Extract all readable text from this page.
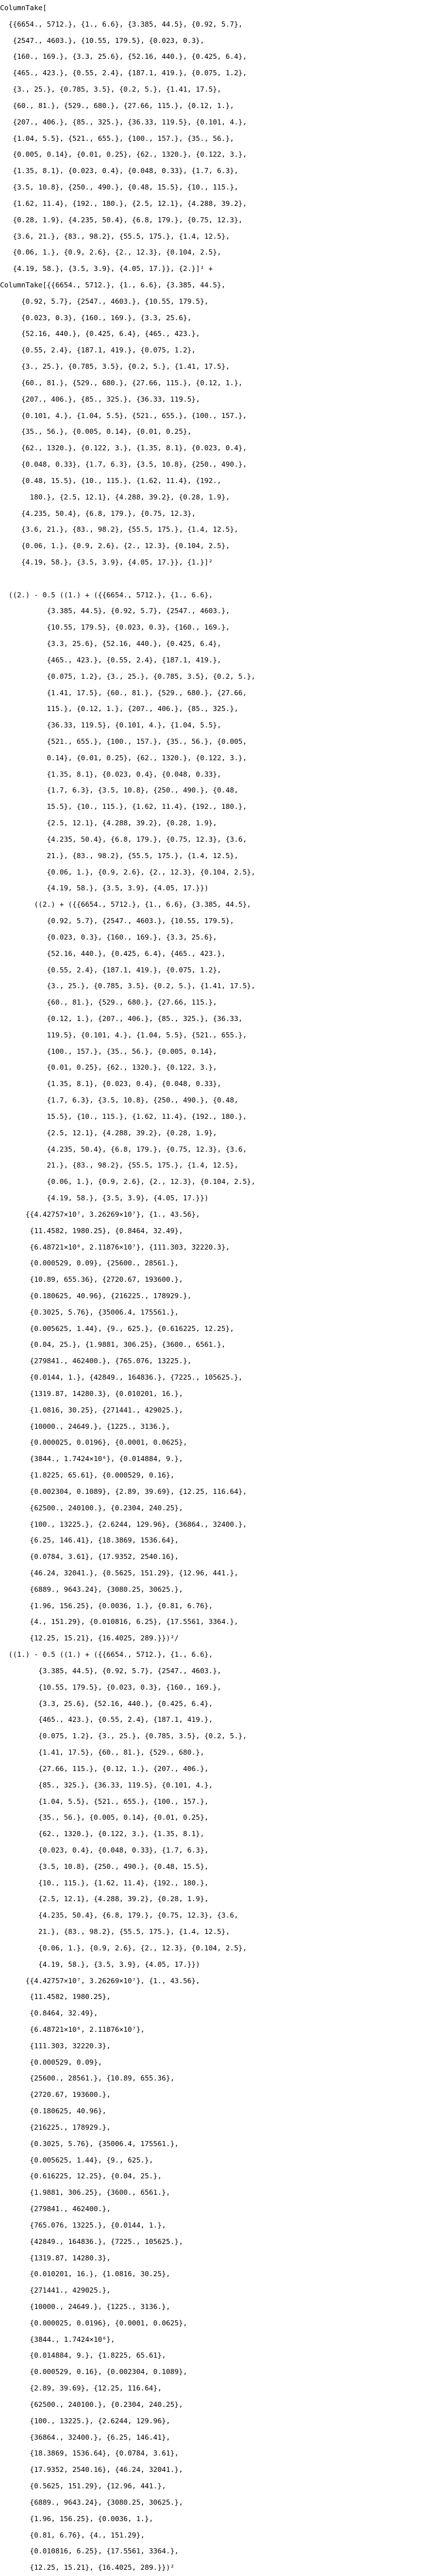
ColumnTake[
{{6654., 5712.}, {1., 6.6}, {3.385, 44.5}, {0.92, 5.7},
{2547., 4603.}, {10.55, 179.5}, {0.023, 0.3},
{160., 169.}, {3.3, 25.6}, {52.16, 440.}, {0.425, 6.4},
{465., 423.}, {0.55, 2.4}, {187.1, 419.}, {0.075, 1.2},
{3., 25.}, {0.785, 3.5}, {0.2, 5.}, {1.41, 17.5},
{60., 81.}, {529., 680.}, {27.66, 115.}, {0.12, 1.},
{207., 406.}, {85., 325.}, {36.33, 119.5}, {0.101, 4.},
{1.04, 5.5}, {521., 655.}, {100., 157.}, {35., 56.},
{0.005, 0.14}, {0.01, 0.25}, {62., 1320.}, {0.122, 3.},
{1.35, 8.1}, {0.023, 0.4}, {0.048, 0.33}, {1.7, 6.3},
{3.5, 10.8}, {250., 490.}, {0.48, 15.5}, {10., 115.},
{1.62, 11.4}, {192., 180.}, {2.5, 12.1}, {4.288, 39.2},
{0.28, 1.9}, {4.235, 50.4}, {6.8, 179.}, {0.75, 12.3},
{3.6, 21.}, {83., 98.2}, {55.5, 175.}, {1.4, 12.5},
{0.06, 1.}, {0.9, 2.6}, {2., 12.3}, {0.104, 2.5},
{4.19, 58.}, {3.5, 3.9}, {4.05, 17.}}, {2.}]² +
ColumnTake[{{6654., 5712.}, {1., 6.6}, {3.385, 44.5},
{0.92, 5.7}, {2547., 4603.}, {10.55, 179.5},
{0.023, 0.3}, {160., 169.}, {3.3, 25.6},
{52.16, 440.}, {0.425, 6.4}, {465., 423.},
{0.55, 2.4}, {187.1, 419.}, {0.075, 1.2},
{3., 25.}, {0.785, 3.5}, {0.2, 5.}, {1.41, 17.5},
{60., 81.}, {529., 680.}, {27.66, 115.}, {0.12, 1.},
{207., 406.}, {85., 325.}, {36.33, 119.5},
{0.101, 4.}, {1.04, 5.5}, {521., 655.}, {100., 157.},
{35., 56.}, {0.005, 0.14}, {0.01, 0.25},
{62., 1320.}, {0.122, 3.}, {1.35, 8.1}, {0.023, 0.4},
{0.048, 0.33}, {1.7, 6.3}, {3.5, 10.8}, {250., 490.},
{0.48, 15.5}, {10., 115.}, {1.62, 11.4}, {192.,
180.}, {2.5, 12.1}, {4.288, 39.2}, {0.28, 1.9},
{4.235, 50.4}, {6.8, 179.}, {0.75, 12.3},
{3.6, 21.}, {83., 98.2}, {55.5, 175.}, {1.4, 12.5},
{0.06, 1.}, {0.9, 2.6}, {2., 12.3}, {0.104, 2.5},
{4.19, 58.}, {3.5, 3.9}, {4.05, 17.}}, {1.}]²
((2.) - 0.5 ((1.) + ({{6654., 5712.}, {1., 6.6},
{3.385, 44.5}, {0.92, 5.7}, {2547., 4603.},
{10.55, 179.5}, {0.023, 0.3}, {160., 169.},
{3.3, 25.6}, {52.16, 440.}, {0.425, 6.4},
{465., 423.}, {0.55, 2.4}, {187.1, 419.},
{0.075, 1.2}, {3., 25.}, {0.785, 3.5}, {0.2, 5.},
{1.41, 17.5}, {60., 81.}, {529., 680.}, {27.66,
115.}, {0.12, 1.}, {207., 406.}, {85., 325.},
{36.33, 119.5}, {0.101, 4.}, {1.04, 5.5},
{521., 655.}, {100., 157.}, {35., 56.}, {0.005,
0.14}, {0.01, 0.25}, {62., 1320.}, {0.122, 3.},
{1.35, 8.1}, {0.023, 0.4}, {0.048, 0.33},
{1.7, 6.3}, {3.5, 10.8}, {250., 490.}, {0.48,
15.5}, {10., 115.}, {1.62, 11.4}, {192., 180.},
{2.5, 12.1}, {4.288, 39.2}, {0.28, 1.9},
{4.235, 50.4}, {6.8, 179.}, {0.75, 12.3}, {3.6,
21.}, {83., 98.2}, {55.5, 175.}, {1.4, 12.5},
{0.06, 1.}, {0.9, 2.6}, {2., 12.3}, {0.104, 2.5},
{4.19, 58.}, {3.5, 3.9}, {4.05, 17.}})
((2.) + ({{6654., 5712.}, {1., 6.6}, {3.385, 44.5},
{0.92, 5.7}, {2547., 4603.}, {10.55, 179.5},
{0.023, 0.3}, {160., 169.}, {3.3, 25.6},
{52.16, 440.}, {0.425, 6.4}, {465., 423.},
{0.55, 2.4}, {187.1, 419.}, {0.075, 1.2},
{3., 25.}, {0.785, 3.5}, {0.2, 5.}, {1.41, 17.5},
{60., 81.}, {529., 680.}, {27.66, 115.},
{0.12, 1.}, {207., 406.}, {85., 325.}, {36.33,
119.5}, {0.101, 4.}, {1.04, 5.5}, {521., 655.},
{100., 157.}, {35., 56.}, {0.005, 0.14},
{0.01, 0.25}, {62., 1320.}, {0.122, 3.},
{1.35, 8.1}, {0.023, 0.4}, {0.048, 0.33},
{1.7, 6.3}, {3.5, 10.8}, {250., 490.}, {0.48,
15.5}, {10., 115.}, {1.62, 11.4}, {192., 180.},
{2.5, 12.1}, {4.288, 39.2}, {0.28, 1.9},
{4.235, 50.4}, {6.8, 179.}, {0.75, 12.3}, {3.6,
21.}, {83., 98.2}, {55.5, 175.}, {1.4, 12.5},
{0.06, 1.}, {0.9, 2.6}, {2., 12.3}, {0.104, 2.5},
{4.19, 58.}, {3.5, 3.9}, {4.05, 17.}})
{{4.42757×10⁷, 3.26269×10⁷}, {1., 43.56},
{11.4582, 1980.25}, {0.8464, 32.49},
{6.48721×10⁶, 2.11876×10⁷}, {111.303, 32220.3},
{0.000529, 0.09}, {25600., 28561.},
{10.89, 655.36}, {2720.67, 193600.},
{0.180625, 40.96}, {216225., 178929.},
{0.3025, 5.76}, {35006.4, 175561.},
{0.005625, 1.44}, {9., 625.}, {0.616225, 12.25},
{0.04, 25.}, {1.9881, 306.25}, {3600., 6561.},
{279841., 462400.}, {765.076, 13225.},
{0.0144, 1.}, {42849., 164836.}, {7225., 105625.},
{1319.87, 14280.3}, {0.010201, 16.},
{1.0816, 30.25}, {271441., 429025.},
{10000., 24649.}, {1225., 3136.},
{0.000025, 0.0196}, {0.0001, 0.0625},
{3844., 1.7424×10⁶}, {0.014884, 9.},
{1.8225, 65.61}, {0.000529, 0.16},
{0.002304, 0.1089}, {2.89, 39.69}, {12.25, 116.64},
{62500., 240100.}, {0.2304, 240.25},
{100., 13225.}, {2.6244, 129.96}, {36864., 32400.},
{6.25, 146.41}, {18.3869, 1536.64},
{0.0784, 3.61}, {17.9352, 2540.16},
{46.24, 32041.}, {0.5625, 151.29}, {12.96, 441.},
{6889., 9643.24}, {3080.25, 30625.},
{1.96, 156.25}, {0.0036, 1.}, {0.81, 6.76},
{4., 151.29}, {0.010816, 6.25}, {17.5561, 3364.},
{12.25, 15.21}, {16.4025, 289.}})²/
((1.) - 0.5 ((1.) + ({{6654., 5712.}, {1., 6.6},
{3.385, 44.5}, {0.92, 5.7}, {2547., 4603.},
{10.55, 179.5}, {0.023, 0.3}, {160., 169.},
{3.3, 25.6}, {52.16, 440.}, {0.425, 6.4},
{465., 423.}, {0.55, 2.4}, {187.1, 419.},
{0.075, 1.2}, {3., 25.}, {0.785, 3.5}, {0.2, 5.},
{1.41, 17.5}, {60., 81.}, {529., 680.},
{27.66, 115.}, {0.12, 1.}, {207., 406.},
{85., 325.}, {36.33, 119.5}, {0.101, 4.},
{1.04, 5.5}, {521., 655.}, {100., 157.},
{35., 56.}, {0.005, 0.14}, {0.01, 0.25},
{62., 1320.}, {0.122, 3.}, {1.35, 8.1},
{0.023, 0.4}, {0.048, 0.33}, {1.7, 6.3},
{3.5, 10.8}, {250., 490.}, {0.48, 15.5},
{10., 115.}, {1.62, 11.4}, {192., 180.},
{2.5, 12.1}, {4.288, 39.2}, {0.28, 1.9},
{4.235, 50.4}, {6.8, 179.}, {0.75, 12.3}, {3.6,
21.}, {83., 98.2}, {55.5, 175.}, {1.4, 12.5},
{0.06, 1.}, {0.9, 2.6}, {2., 12.3}, {0.104, 2.5},
{4.19, 58.}, {3.5, 3.9}, {4.05, 17.}})
{{4.42757×10⁷, 3.26269×10⁷}, {1., 43.56},
{11.4582, 1980.25},
{0.8464, 32.49},
{6.48721×10⁶, 2.11876×10⁷},
{111.303, 32220.3},
{0.000529, 0.09},
{25600., 28561.}, {10.89, 655.36},
{2720.67, 193600.},
{0.180625, 40.96},
{216225., 178929.},
{0.3025, 5.76}, {35006.4, 175561.},
{0.005625, 1.44}, {9., 625.},
{0.616225, 12.25}, {0.04, 25.},
{1.9881, 306.25}, {3600., 6561.},
{279841., 462400.},
{765.076, 13225.}, {0.0144, 1.},
{42849., 164836.}, {7225., 105625.},
{1319.87, 14280.3},
{0.010201, 16.}, {1.0816, 30.25},
{271441., 429025.},
{10000., 24649.}, {1225., 3136.},
{0.000025, 0.0196}, {0.0001, 0.0625},
{3844., 1.7424×10⁶},
{0.014884, 9.}, {1.8225, 65.61},
{0.000529, 0.16}, {0.002304, 0.1089},
{2.89, 39.69}, {12.25, 116.64},
{62500., 240100.}, {0.2304, 240.25},
{100., 13225.}, {2.6244, 129.96},
{36864., 32400.}, {6.25, 146.41},
{18.3869, 1536.64}, {0.0784, 3.61},
{17.9352, 2540.16}, {46.24, 32041.},
{0.5625, 151.29}, {12.96, 441.},
{6889., 9643.24}, {3080.25, 30625.},
{1.96, 156.25}, {0.0036, 1.},
{0.81, 6.76}, {4., 151.29},
{0.010816, 6.25}, {17.5561, 3364.},
{12.25, 15.21}, {16.4025, 289.}})²
